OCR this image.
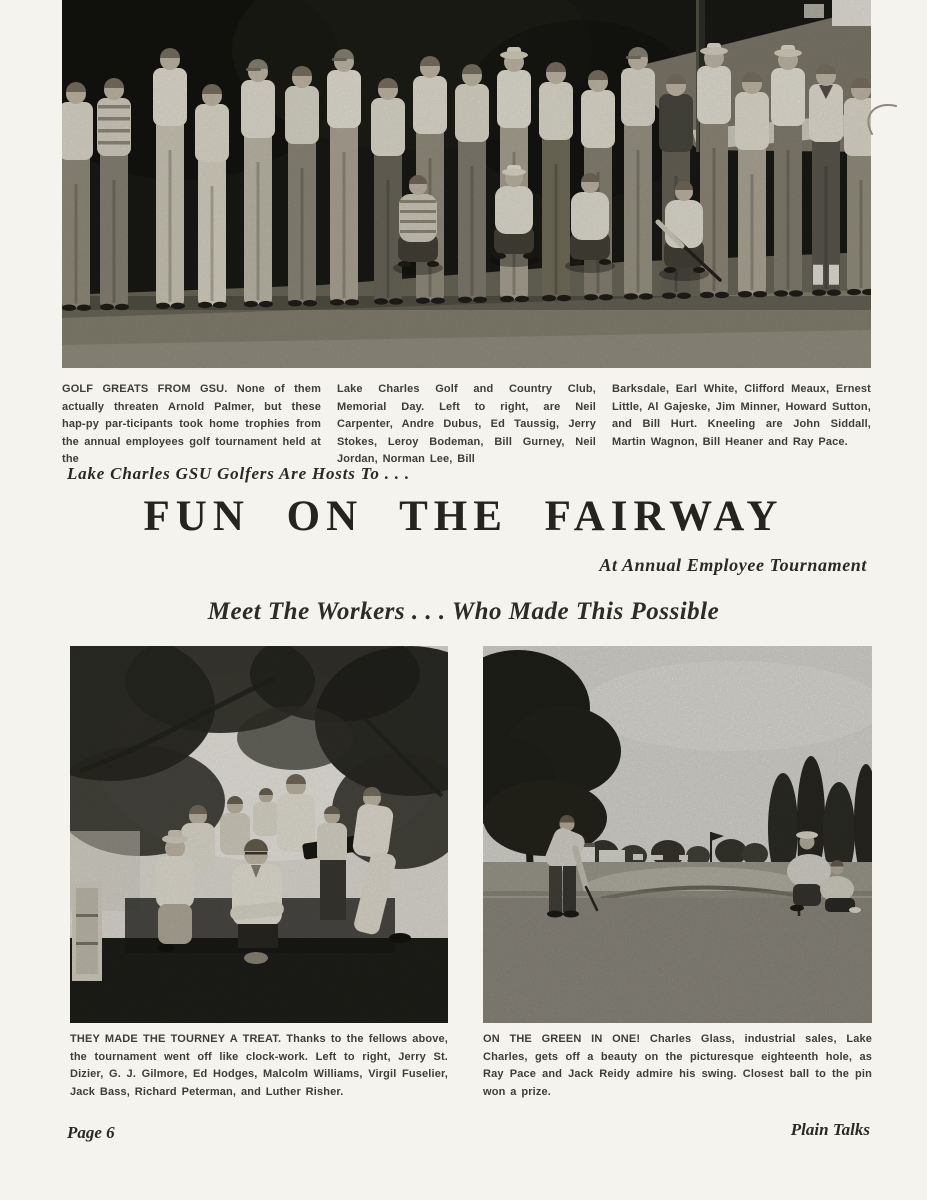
GOLF GREATS FROM GSU. None of them actually threaten Arnold Palmer, but these hap-py par-ticipants took home trophies from the annual employees golf tournament held at the
Lake Charles Golf and Country Club, Memorial Day. Left to right, are Neil Carpenter, Andre Dubus, Ed Taussig, Jerry Stokes, Leroy Bodeman, Bill Gurney, Neil Jordan, Norman Lee, Bill
Barksdale, Earl White, Clifford Meaux, Ernest Little, Al Gajeske, Jim Minner, Howard Sutton, and Bill Hurt. Kneeling are John Siddall, Martin Wagnon, Bill Heaner and Ray Pace.
Lake Charles GSU Golfers Are Hosts To . . .
FUN ON THE FAIRWAY
At Annual Employee Tournament
Meet The Workers . . . Who Made This Possible
THEY MADE THE TOURNEY A TREAT. Thanks to the fellows above, the tournament went off like clock-work. Left to right, Jerry St. Dizier, G. J. Gilmore, Ed Hodges, Malcolm Williams, Virgil Fuselier, Jack Bass, Richard Peterman, and Luther Risher.
ON THE GREEN IN ONE! Charles Glass, industrial sales, Lake Charles, gets off a beauty on the picturesque eighteenth hole, as Ray Pace and Jack Reidy admire his swing. Closest ball to the pin won a prize.
Page 6	Plain Talks
